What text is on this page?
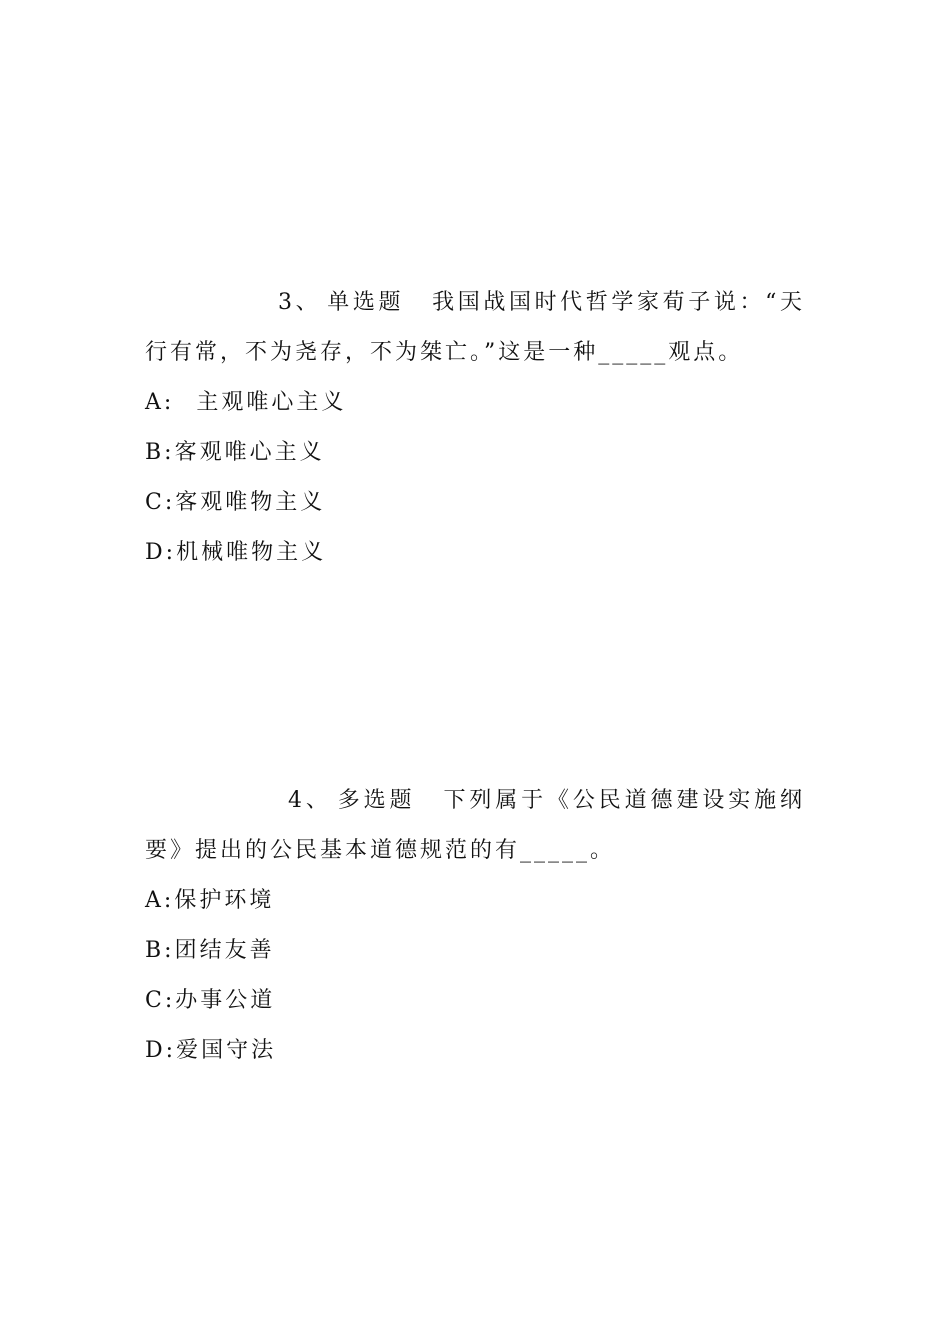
3、 单选题 我国战国时代哲学家荀子说：“天行有常，不为尧存，不为桀亡。”这是一种_____观点。

A: 主观唯心主义
B:客观唯心主义
C:客观唯物主义
D:机械唯物主义

4、 多选题 下列属于《公民道德建设实施纲要》提出的公民基本道德规范的有_____。

A:保护环境
B:团结友善
C:办事公道
D:爱国守法
